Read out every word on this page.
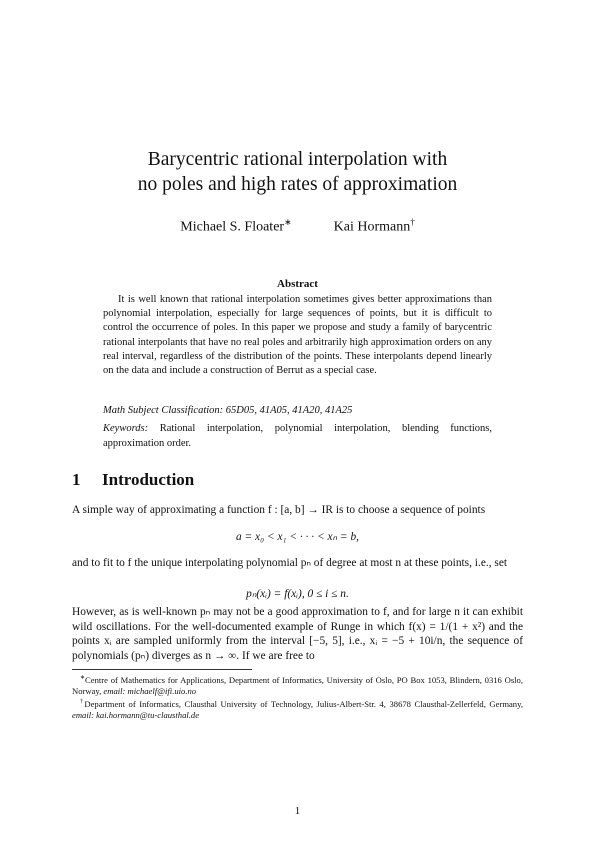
Barycentric rational interpolation with
no poles and high rates of approximation
Michael S. Floater∗	Kai Hormann†
Abstract
It is well known that rational interpolation sometimes gives better approximations than polynomial interpolation, especially for large sequences of points, but it is difficult to control the occurrence of poles. In this paper we propose and study a family of barycentric rational interpolants that have no real poles and arbitrarily high approximation orders on any real interval, regardless of the distribution of the points. These interpolants depend linearly on the data and include a construction of Berrut as a special case.
Math Subject Classification: 65D05, 41A05, 41A20, 41A25
Keywords: Rational interpolation, polynomial interpolation, blending functions, approximation order.
1 Introduction
A simple way of approximating a function f : [a, b] → IR is to choose a sequence of points
a = x₀ < x₁ < · · · < xₙ = b,
and to fit to f the unique interpolating polynomial pₙ of degree at most n at these points, i.e., set
pₙ(xᵢ) = f(xᵢ), 0 ≤ i ≤ n.
However, as is well-known pₙ may not be a good approximation to f, and for large n it can exhibit wild oscillations. For the well-documented example of Runge in which f(x) = 1/(1 + x²) and the points xᵢ are sampled uniformly from the interval [−5, 5], i.e., xᵢ = −5 + 10i/n, the sequence of polynomials (pₙ) diverges as n → ∞. If we are free to
∗Centre of Mathematics for Applications, Department of Informatics, University of Oslo, PO Box 1053, Blindern, 0316 Oslo, Norway, email: michaelf@ifi.uio.no
†Department of Informatics, Clausthal University of Technology, Julius-Albert-Str. 4, 38678 Clausthal-Zellerfeld, Germany, email: kai.hormann@tu-clausthal.de
1
